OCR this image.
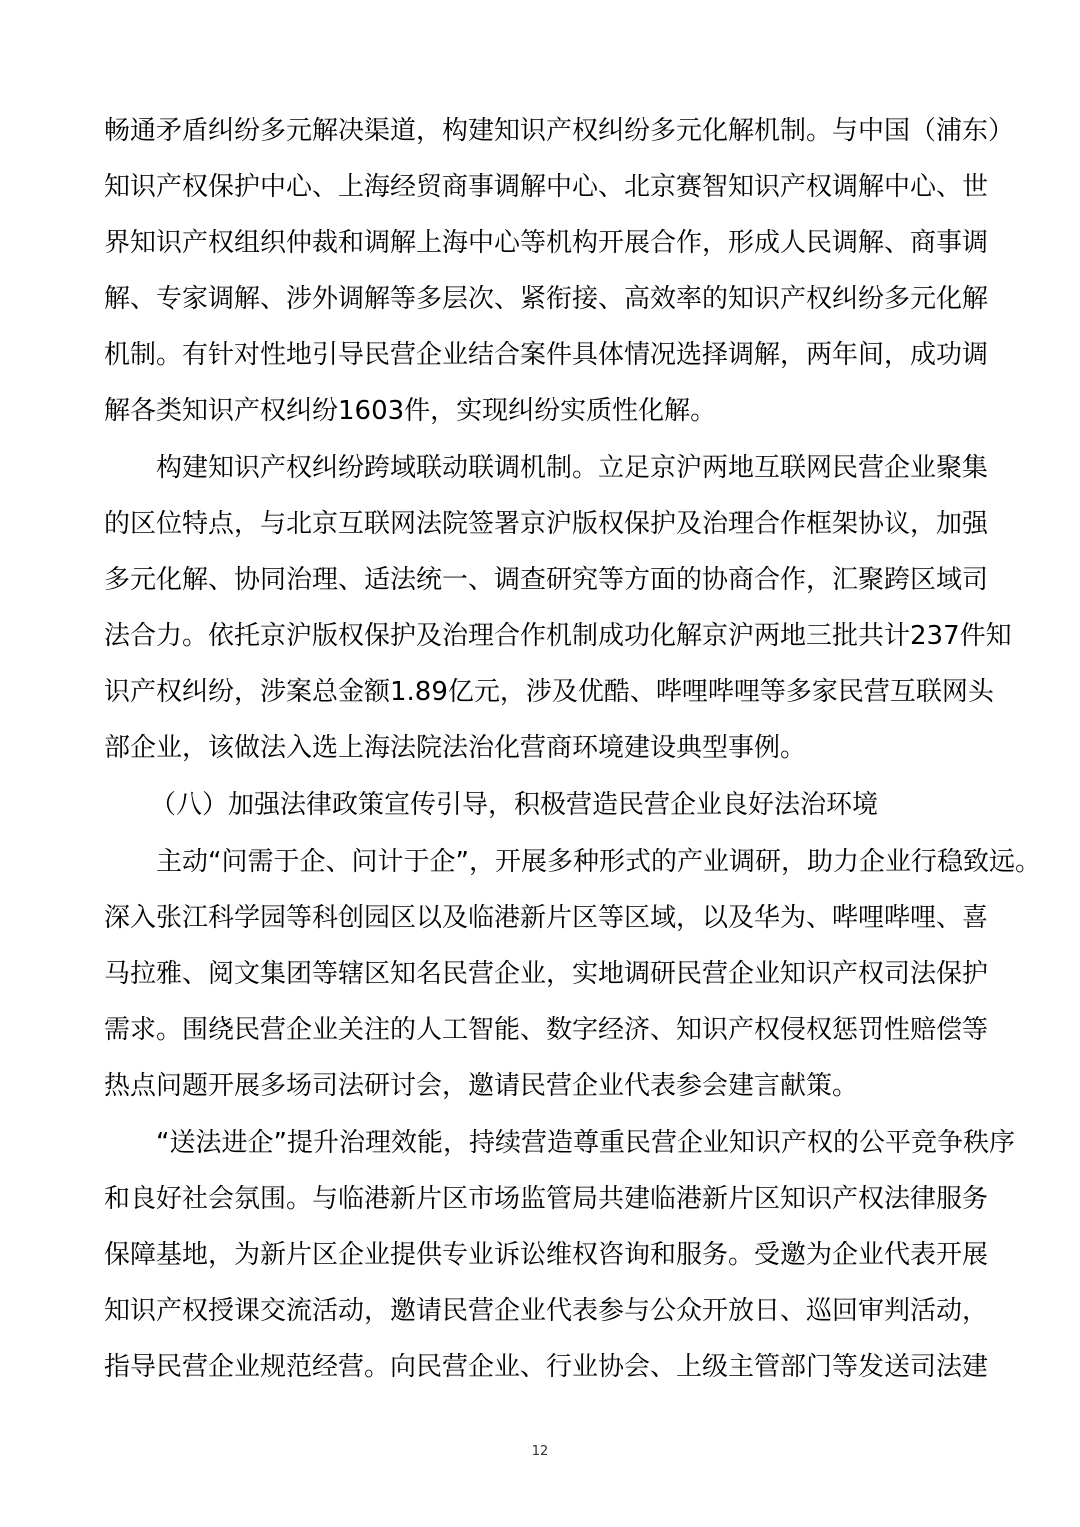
畅通矛盾纠纷多元解决渠道，构建知识产权纠纷多元化解机制。与中国（浦东）
知识产权保护中心、上海经贸商事调解中心、北京赛智知识产权调解中心、世
界知识产权组织仲裁和调解上海中心等机构开展合作，形成人民调解、商事调
解、专家调解、涉外调解等多层次、紧衔接、高效率的知识产权纠纷多元化解
机制。有针对性地引导民营企业结合案件具体情况选择调解，两年间，成功调
解各类知识产权纠纷1603件，实现纠纷实质性化解。
构建知识产权纠纷跨域联动联调机制。立足京沪两地互联网民营企业聚集
的区位特点，与北京互联网法院签署京沪版权保护及治理合作框架协议，加强
多元化解、协同治理、适法统一、调查研究等方面的协商合作，汇聚跨区域司
法合力。依托京沪版权保护及治理合作机制成功化解京沪两地三批共计237件知
识产权纠纷，涉案总金额1.89亿元，涉及优酷、哔哩哔哩等多家民营互联网头
部企业，该做法入选上海法院法治化营商环境建设典型事例。
（八）加强法律政策宣传引导，积极营造民营企业良好法治环境
主动“问需于企、问计于企”，开展多种形式的产业调研，助力企业行稳致远。
深入张江科学园等科创园区以及临港新片区等区域，以及华为、哔哩哔哩、喜
马拉雅、阅文集团等辖区知名民营企业，实地调研民营企业知识产权司法保护
需求。围绕民营企业关注的人工智能、数字经济、知识产权侵权惩罚性赔偿等
热点问题开展多场司法研讨会，邀请民营企业代表参会建言献策。
“送法进企”提升治理效能，持续营造尊重民营企业知识产权的公平竞争秩序
和良好社会氛围。与临港新片区市场监管局共建临港新片区知识产权法律服务
保障基地，为新片区企业提供专业诉讼维权咨询和服务。受邀为企业代表开展
知识产权授课交流活动，邀请民营企业代表参与公众开放日、巡回审判活动，
指导民营企业规范经营。向民营企业、行业协会、上级主管部门等发送司法建
12
